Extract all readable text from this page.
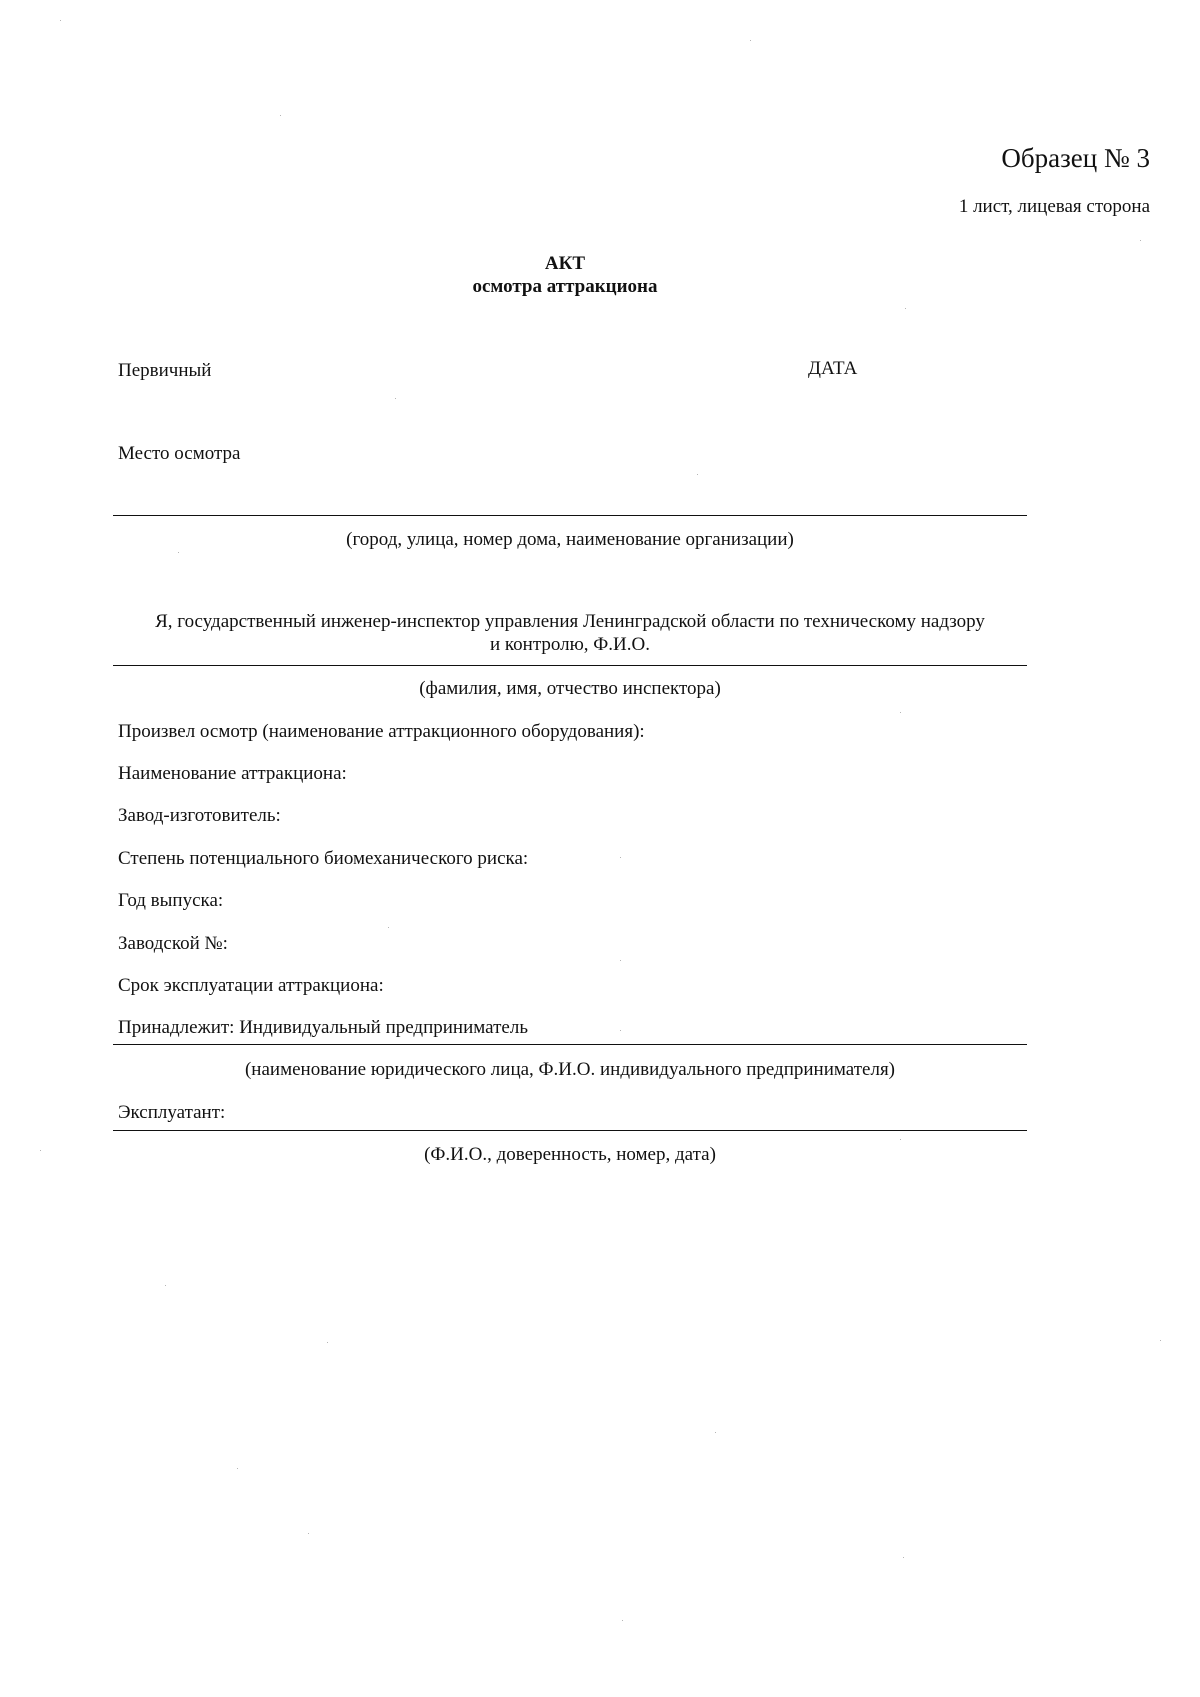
Образец № 3
1 лист, лицевая сторона
АКТ
осмотра аттракциона
Первичный	ДАТА
Место осмотра
(город, улица, номер дома, наименование организации)
Я, государственный инженер-инспектор управления Ленинградской области по техническому надзору
и контролю, Ф.И.О.
(фамилия, имя, отчество инспектора)
Произвел осмотр (наименование аттракционного оборудования):
Наименование аттракциона:
Завод-изготовитель:
Степень потенциального биомеханического риска:
Год выпуска:
Заводской №:
Срок эксплуатации аттракциона:
Принадлежит: Индивидуальный предприниматель
(наименование юридического лица, Ф.И.О. индивидуального предпринимателя)
Эксплуатант:
(Ф.И.О., доверенность, номер, дата)
